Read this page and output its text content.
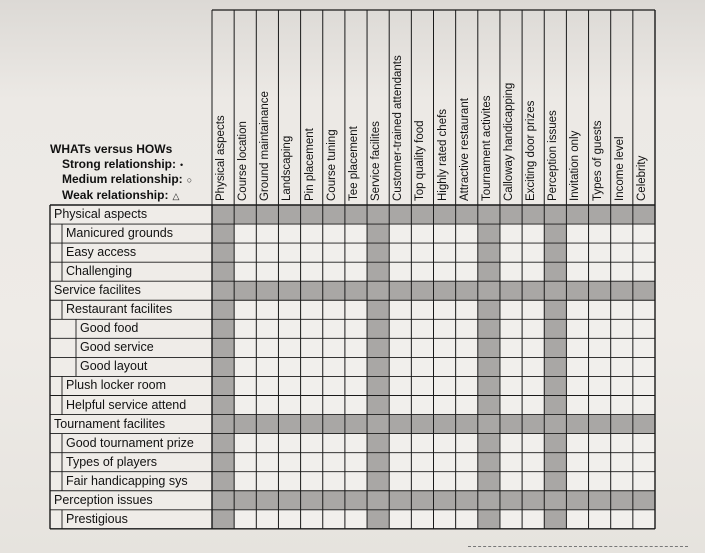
WHATs versus HOWs
Strong relationship: •
Medium relationship: ○
Weak relationship: △
Physical aspects
Manicured grounds
Easy access
Challenging
Service facilites
Restaurant facilites
Good food
Good service
Good layout
Plush locker room
Helpful service attend
Tournament facilites
Good tournament prize
Types of players
Fair handicapping sys
Perception issues
Prestigious
Physical aspects Course location Ground maintainance Landscaping Pin placement Course tuning Tee placement Service facilites Customer-trained attendants Top quality food Highly rated chefs Attractive restaurant Tournament activites Calloway handicapping Exciting door prizes Perception issues Invitation only Types of guests Income level Celebrity
